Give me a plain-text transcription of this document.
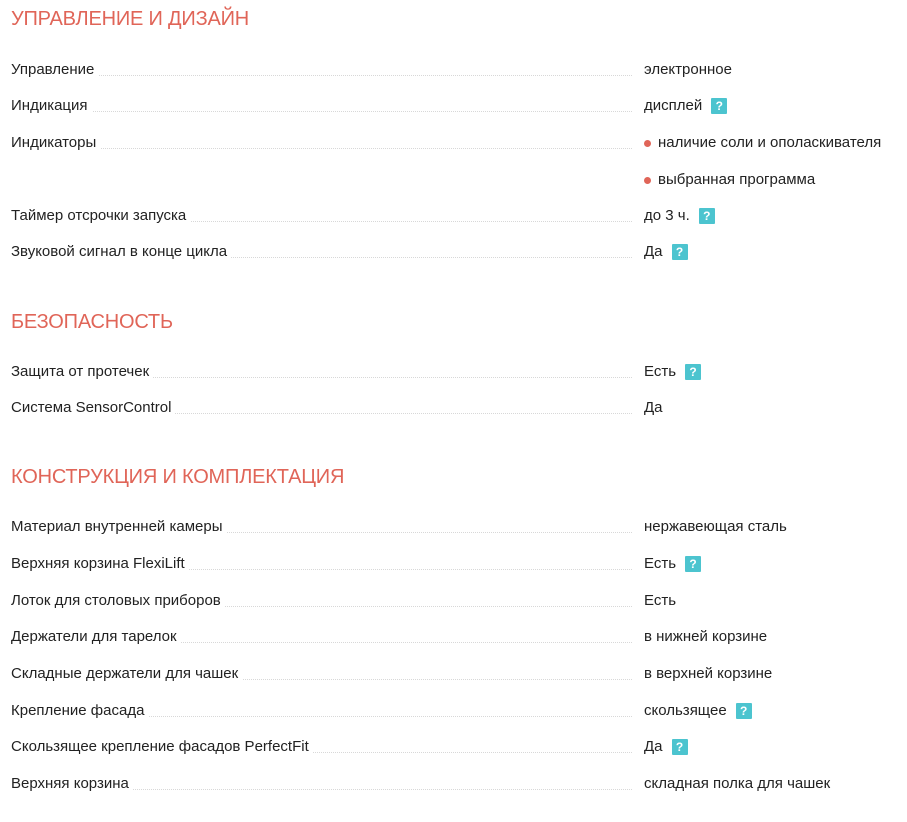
УПРАВЛЕНИЕ И ДИЗАЙН
Управление	электронное
Индикация	дисплей	?
Индикаторы	наличие соли и ополаскивателя
выбранная программа
Таймер отсрочки запуска	до 3 ч.	?
Звуковой сигнал в конце цикла	Да	?
БЕЗОПАСНОСТЬ
Защита от протечек	Есть	?
Система SensorControl	Да
КОНСТРУКЦИЯ И КОМПЛЕКТАЦИЯ
Материал внутренней камеры	нержавеющая сталь
Верхняя корзина FlexiLift	Есть	?
Лоток для столовых приборов	Есть
Держатели для тарелок	в нижней корзине
Складные держатели для чашек	в верхней корзине
Крепление фасада	скользящее	?
Скользящее крепление фасадов PerfectFit	Да	?
Верхняя корзина	складная полка для чашек
